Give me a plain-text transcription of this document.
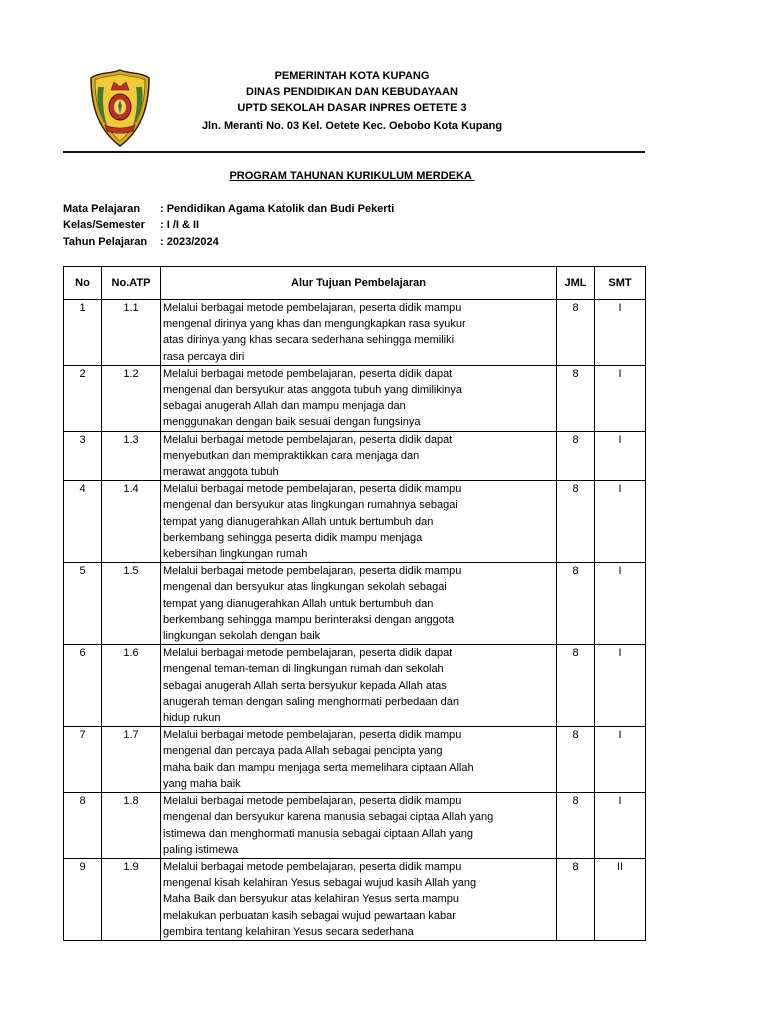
PEMERINTAH KOTA KUPANG
DINAS PENDIDIKAN DAN KEBUDAYAAN
UPTD SEKOLAH DASAR INPRES OETETE 3
Jln. Meranti No. 03 Kel. Oetete Kec. Oebobo Kota Kupang
PROGRAM TAHUNAN KURIKULUM MERDEKA
Mata Pelajaran : Pendidikan Agama Katolik dan Budi Pekerti
Kelas/Semester : I /I & II
Tahun Pelajaran : 2023/2024
No	No.ATP	Alur Tujuan Pembelajaran	JML	SMT
1	1.1	Melalui berbagai metode pembelajaran, peserta didik mampu
mengenal dirinya yang khas dan mengungkapkan rasa syukur
atas dirinya yang khas secara sederhana sehingga memiliki
rasa percaya diri	8	I
2	1.2	Melalui berbagai metode pembelajaran, peserta didik dapat
mengenal dan bersyukur atas anggota tubuh yang dimilikinya
sebagai anugerah Allah dan mampu menjaga dan
menggunakan dengan baik sesuai dengan fungsinya	8	I
3	1.3	Melalui berbagai metode pembelajaran, peserta didik dapat
menyebutkan dan mempraktikkan cara menjaga dan
merawat anggota tubuh	8	I
4	1.4	Melalui berbagai metode pembelajaran, peserta didik mampu
mengenal dan bersyukur atas lingkungan rumahnya sebagai
tempat yang dianugerahkan Allah untuk bertumbuh dan
berkembang sehingga peserta didik mampu menjaga
kebersihan lingkungan rumah	8	I
5	1.5	Melalui berbagai metode pembelajaran, peserta didik mampu
mengenal dan bersyukur atas lingkungan sekolah sebagai
tempat yang dianugerahkan Allah untuk bertumbuh dan
berkembang sehingga mampu berinteraksi dengan anggota
lingkungan sekolah dengan baik	8	I
6	1.6	Melalui berbagai metode pembelajaran, peserta didik dapat
mengenal teman-teman di lingkungan rumah dan sekolah
sebagai anugerah Allah serta bersyukur kepada Allah atas
anugerah teman dengan saling menghormati perbedaan dan
hidup rukun	8	I
7	1.7	Melalui berbagai metode pembelajaran, peserta didik mampu
mengenal dan percaya pada Allah sebagai pencipta yang
maha baik dan mampu menjaga serta memelihara ciptaan Allah
yang maha baik	8	I
8	1.8	Melalui berbagai metode pembelajaran, peserta didik mampu
mengenal dan bersyukur karena manusia sebagai ciptaa Allah yang
istimewa dan menghormati manusia sebagai ciptaan Allah yang
paling istimewa	8	I
9	1.9	Melalui berbagai metode pembelajaran, peserta didik mampu
mengenal kisah kelahiran Yesus sebagai wujud kasih Allah yang
Maha Baik dan bersyukur atas kelahiran Yesus serta mampu
melakukan perbuatan kasih sebagai wujud pewartaan kabar
gembira tentang kelahiran Yesus secara sederhana	8	II
